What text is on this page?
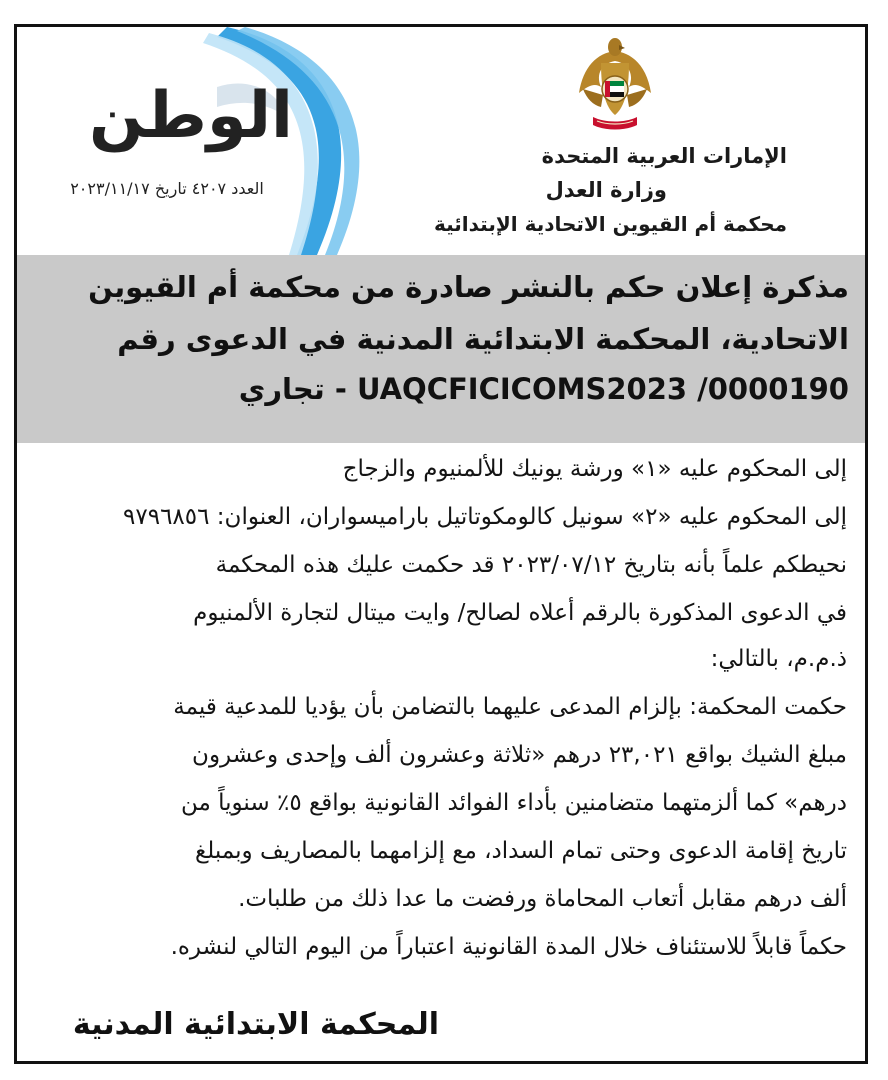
الإمارات العربية المتحدة
وزارة العدل
محكمة أم القيوين الاتحادية الإبتدائية
الوطن
العدد ٤٢٠٧ تاريخ ٢٠٢٣/١١/١٧
مذكرة إعلان حكم بالنشر صادرة من محكمة أم القيوين
الاتحادية، المحكمة الابتدائية المدنية في الدعوى رقم
UAQCFICICOMS2023 /0000190 - تجاري
إلى المحكوم عليه «١» ورشة يونيك للألمنيوم والزجاج
إلى المحكوم عليه «٢» سونيل كالومكوتاتيل باراميسواران، العنوان: ٩٧٩٦٨٥٦
نحيطكم علماً بأنه بتاريخ ٢٠٢٣/٠٧/١٢ قد حكمت عليك هذه المحكمة
في الدعوى المذكورة بالرقم أعلاه لصالح/ وايت ميتال لتجارة الألمنيوم
ذ.م.م، بالتالي:
حكمت المحكمة: بإلزام المدعى عليهما بالتضامن بأن يؤديا للمدعية قيمة
مبلغ الشيك بواقع ٢٣,٠٢١ درهم «ثلاثة وعشرون ألف وإحدى وعشرون
درهم» كما ألزمتهما متضامنين بأداء الفوائد القانونية بواقع ٥٪ سنوياً من
تاريخ إقامة الدعوى وحتى تمام السداد، مع إلزامهما بالمصاريف وبمبلغ
ألف درهم مقابل أتعاب المحاماة ورفضت ما عدا ذلك من طلبات.
حكماً قابلاً للاستئناف خلال المدة القانونية اعتباراً من اليوم التالي لنشره.
المحكمة الابتدائية المدنية
